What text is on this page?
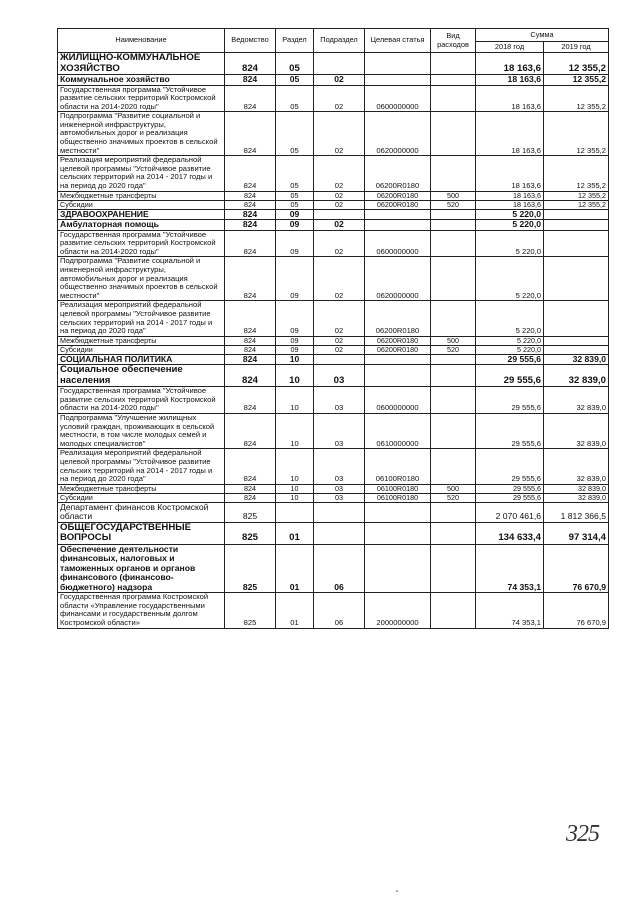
Наименование	Ведомство	Раздел	Подраздел	Целевая статья	Вид расходов	Сумма	
						2018 год	2019 год
ЖИЛИЩНО-КОММУНАЛЬНОЕ ХОЗЯЙСТВО	824	05				18 163,6	12 355,2
Коммунальное хозяйство	824	05	02			18 163,6	12 355,2
Государственная программа "Устойчивое развитие сельских территорий Костромской области на 2014-2020 годы"	824	05	02	0600000000		18 163,6	12 355,2
Подпрограмма "Развитие социальной и инженерной инфраструктуры, автомобильных дорог и реализация общественно значимых проектов в сельской местности"	824	05	02	0620000000		18 163,6	12 355,2
Реализация мероприятий федеральной целевой программы "Устойчивое развитие сельских территорий на 2014 - 2017 годы и на период до 2020 года"	824	05	02	06200R0180		18 163,6	12 355,2
Межбюджетные трансферты	824	05	02	06200R0180	500	18 163,6	12 355,2
Субсидии	824	05	02	06200R0180	520	18 163,6	12 355,2
ЗДРАВООХРАНЕНИЕ	824	09				5 220,0	
Амбулаторная помощь	824	09	02			5 220,0	
Государственная программа "Устойчивое развитие сельских территорий Костромской области на 2014-2020 годы"	824	09	02	0600000000		5 220,0	
Подпрограмма "Развитие социальной и инженерной инфраструктуры, автомобильных дорог и реализация общественно значимых проектов в сельской местности"	824	09	02	0620000000		5 220,0	
Реализация мероприятий федеральной целевой программы "Устойчивое развитие сельских территорий на 2014 - 2017 годы и на период до 2020 года"	824	09	02	06200R0180		5 220,0	
Межбюджетные трансферты	824	09	02	06200R0180	500	5 220,0	
Субсидии	824	09	02	06200R0180	520	5 220,0	
СОЦИАЛЬНАЯ ПОЛИТИКА	824	10				29 555,6	32 839,0
Социальное обеспечение населения	824	10	03			29 555,6	32 839,0
Государственная программа "Устойчивое развитие сельских территорий Костромской области на 2014-2020 годы"	824	10	03	0600000000		29 555,6	32 839,0
Подпрограмма "Улучшение жилищных условий граждан, проживающих в сельской местности, в том числе молодых семей и молодых специалистов"	824	10	03	0610000000		29 555,6	32 839,0
Реализация мероприятий федеральной целевой программы "Устойчивое развитие сельских территорий на 2014 - 2017 годы и на период до 2020 года"	824	10	03	06100R0180		29 555,6	32 839,0
Межбюджетные трансферты	824	10	03	06100R0180	500	29 555,6	32 839,0
Субсидии	824	10	03	06100R0180	520	29 555,6	32 839,0
Департамент финансов Костромской области	825					2 070 461,6	1 812 366,5
ОБЩЕГОСУДАРСТВЕННЫЕ ВОПРОСЫ	825	01				134 633,4	97 314,4
Обеспечение деятельности финансовых, налоговых и таможенных органов и органов финансового (финансово-бюджетного) надзора	825	01	06			74 353,1	76 670,9
Государственная программа Костромской области «Управление государственными финансами и государственным долгом Костромской области»	825	01	06	2000000000		74 353,1	76 670,9
325
